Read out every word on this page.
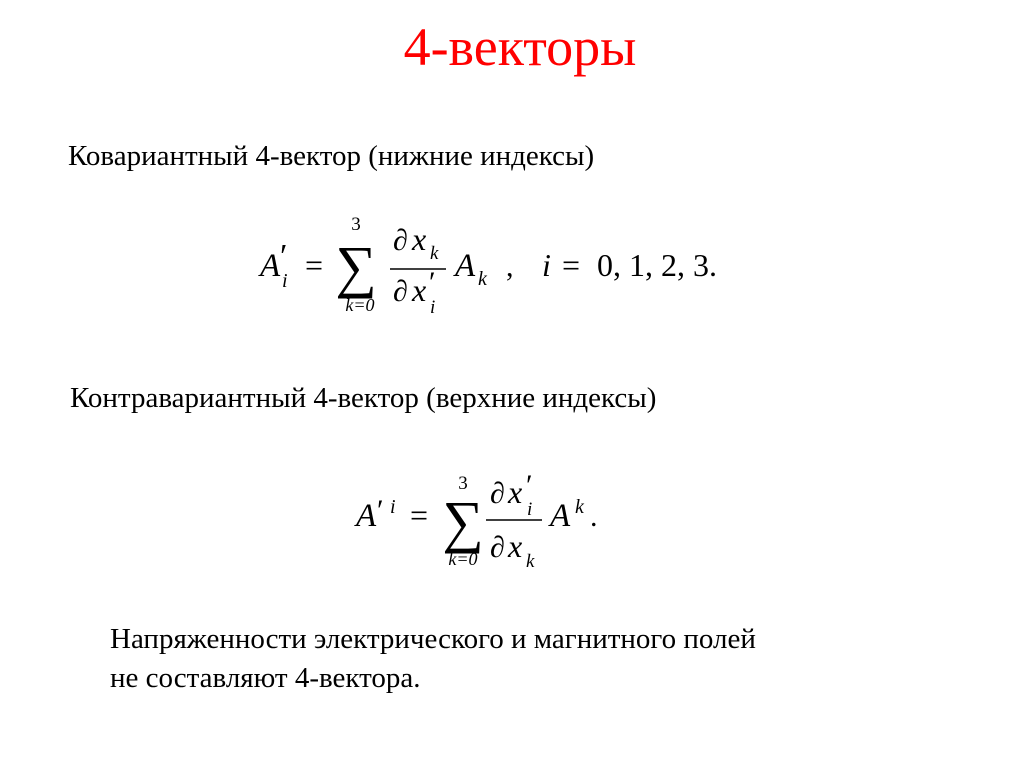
4-векторы
Ковариантный 4-вектор (нижние индексы)
A ′
i =
3
∑
k=0
∂ x k
∂ x ′
i
A k , i = 0, 1, 2, 3.
Контравариантный 4-вектор (верхние индексы)
A ′ i =
3
∑
k=0
∂ x ′
i
∂ x k
A k .
Напряженности электрического и магнитного полей
не составляют 4-вектора.
